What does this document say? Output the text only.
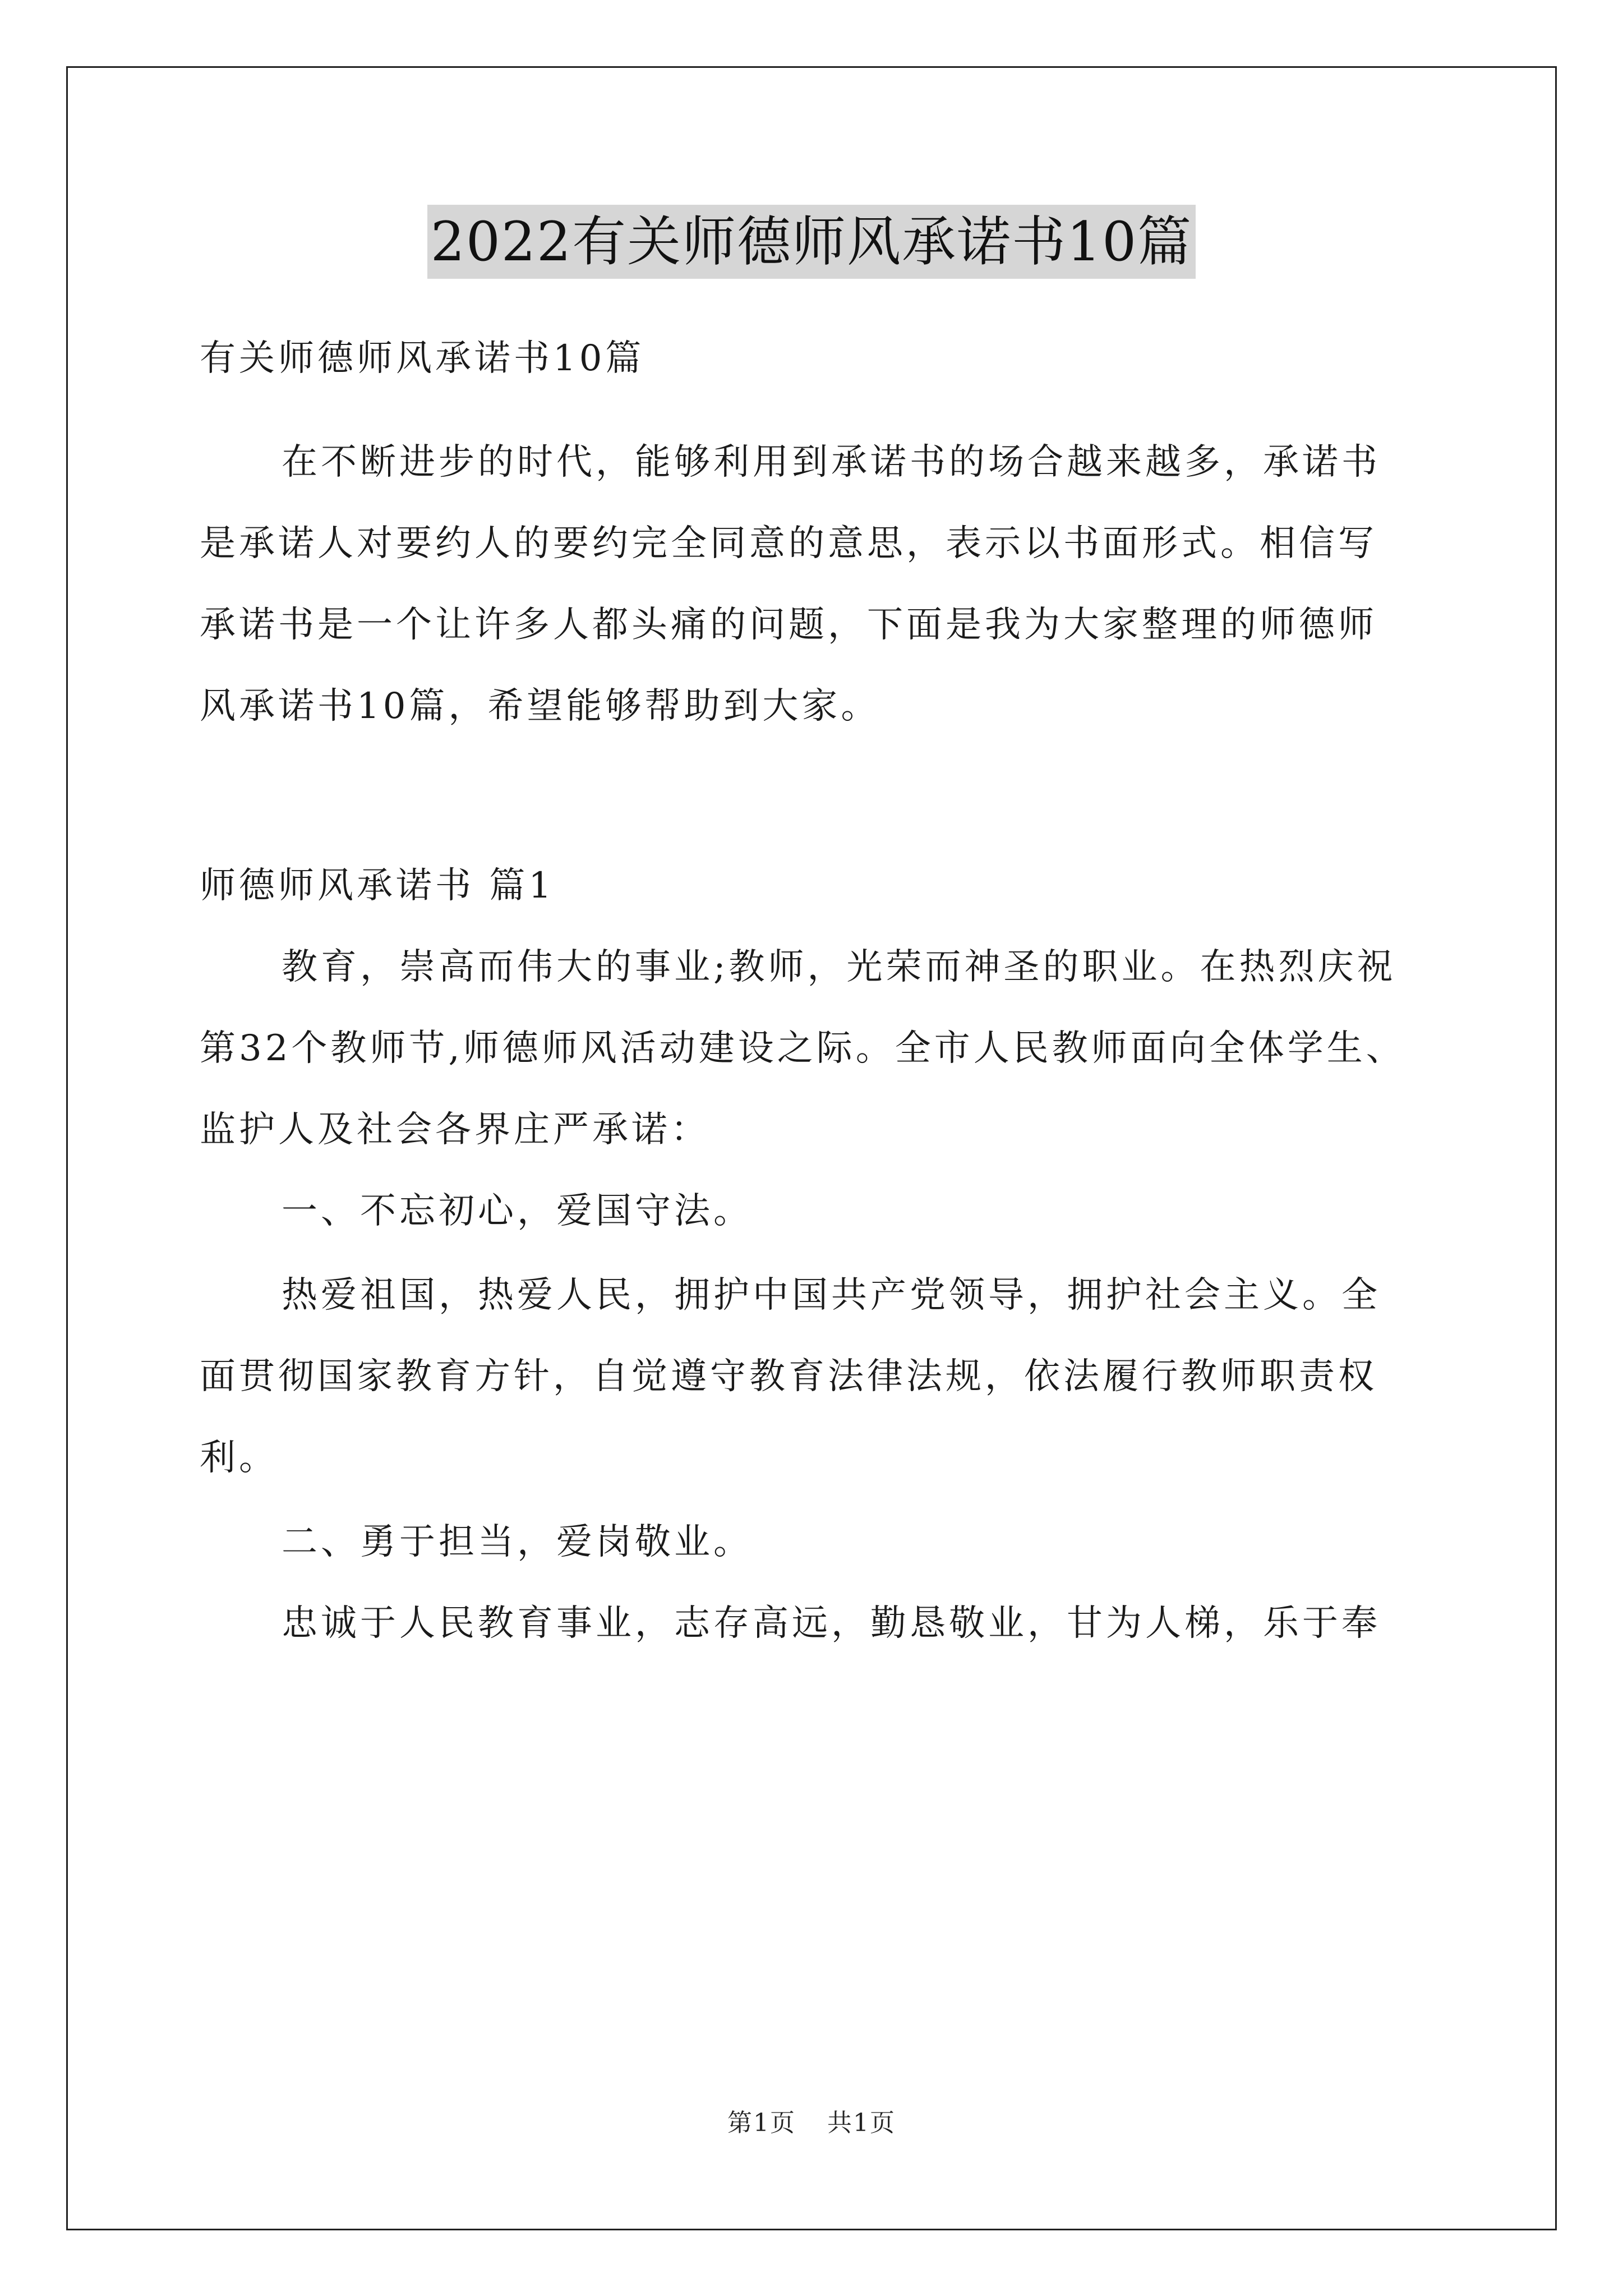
2022有关师德师风承诺书10篇

有关师德师风承诺书10篇

在不断进步的时代，能够利用到承诺书的场合越来越多，承诺书

是承诺人对要约人的要约完全同意的意思，表示以书面形式。相信写

承诺书是一个让许多人都头痛的问题，下面是我为大家整理的师德师

风承诺书10篇，希望能够帮助到大家。

师德师风承诺书 篇1

教育，崇高而伟大的事业;教师，光荣而神圣的职业。在热烈庆祝

第32个教师节,师德师风活动建设之际。全市人民教师面向全体学生、

监护人及社会各界庄严承诺：

一、不忘初心，爱国守法。

热爱祖国，热爱人民，拥护中国共产党领导，拥护社会主义。全

面贯彻国家教育方针，自觉遵守教育法律法规，依法履行教师职责权

利。

二、勇于担当，爱岗敬业。

忠诚于人民教育事业，志存高远，勤恳敬业，甘为人梯，乐于奉

第1页 共1页
